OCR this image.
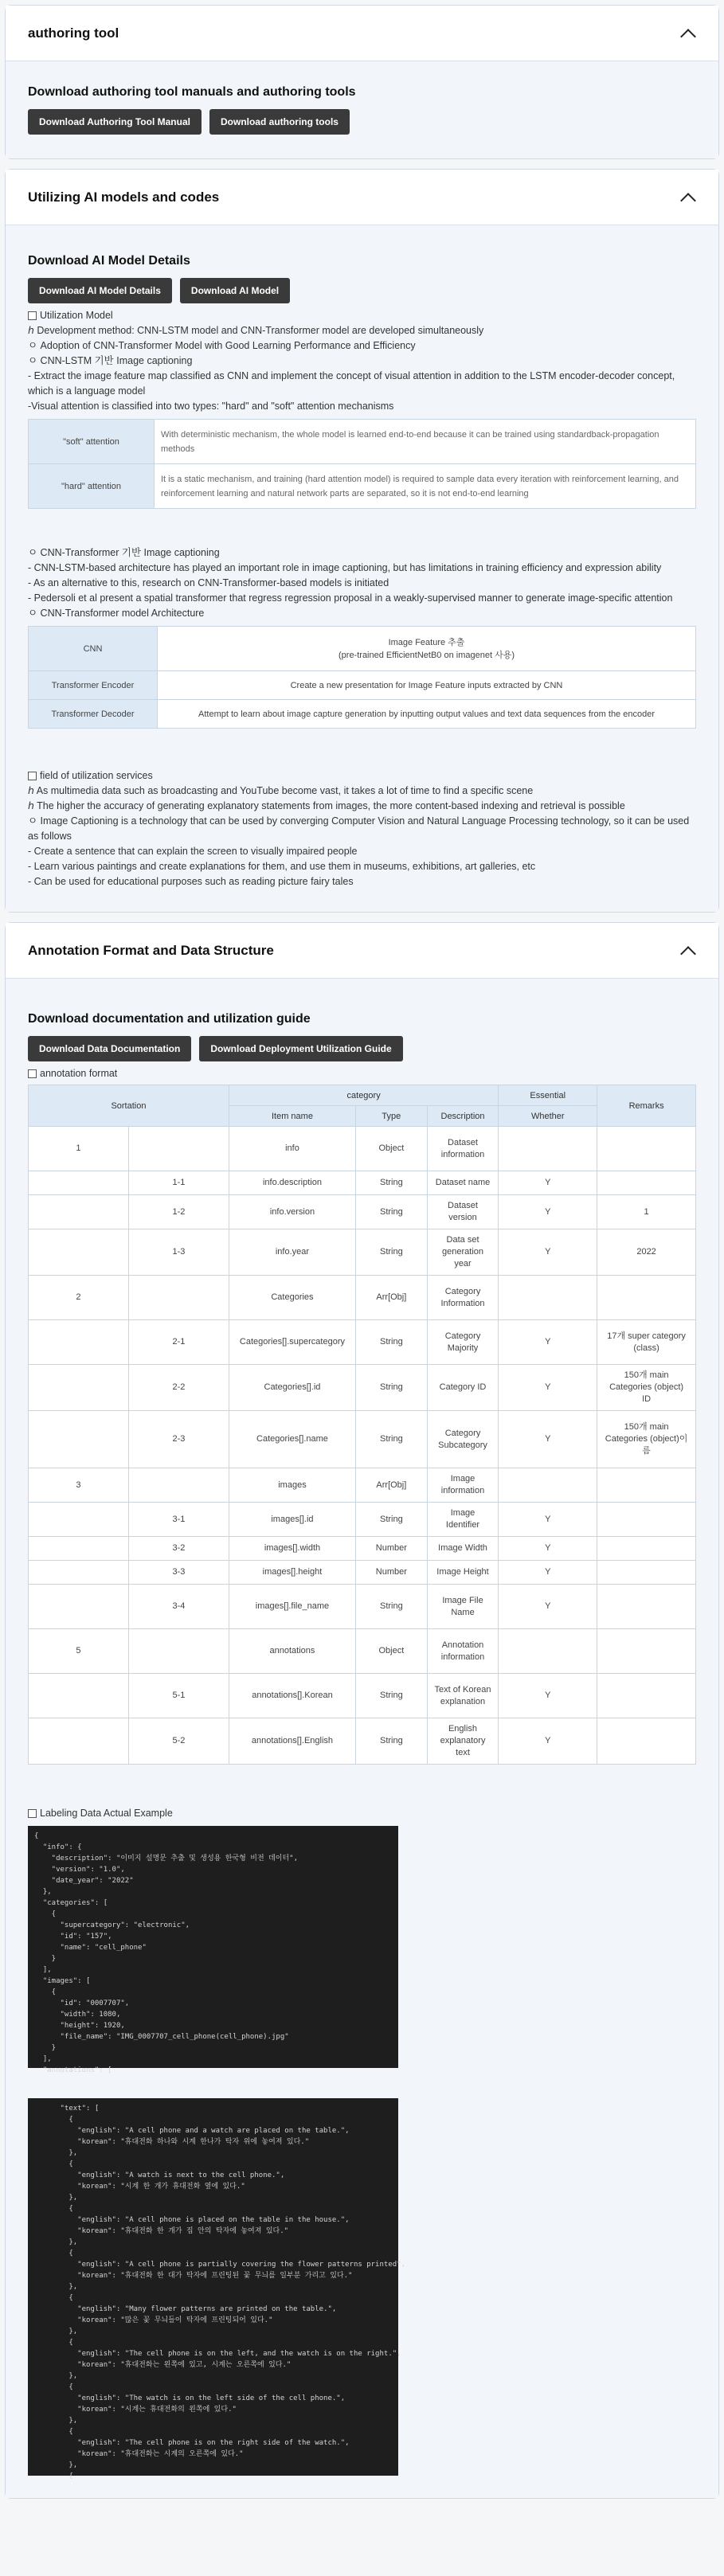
authoring tool
Download authoring tool manuals and authoring tools
Download Authoring Tool Manual	Download authoring tools
Utilizing AI models and codes
Download AI Model Details
Download AI Model Details	Download AI Model
Utilization Model
ℎ Development method: CNN-LSTM model and CNN-Transformer model are developed simultaneously
ㅇ Adoption of CNN-Transformer Model with Good Learning Performance and Efficiency
ㅇ CNN-LSTM 기반 Image captioning
- Extract the image feature map classified as CNN and implement the concept of visual attention in addition to the LSTM encoder-decoder concept, which is a language model
-Visual attention is classified into two types: "hard" and "soft" attention mechanisms
"soft" attention	With deterministic mechanism, the whole model is learned end-to-end because it can be trained using standardback-propagation methods
"hard" attention	It is a static mechanism, and training (hard attention model) is required to sample data every iteration with reinforcement learning, and reinforcement learning and natural network parts are separated, so it is not end-to-end learning
ㅇ CNN-Transformer 기반 Image captioning
- CNN-LSTM-based architecture has played an important role in image captioning, but has limitations in training efficiency and expression ability
- As an alternative to this, research on CNN-Transformer-based models is initiated
- Pedersoli et al present a spatial transformer that regress regression proposal in a weakly-supervised manner to generate image-specific attention
ㅇ CNN-Transformer model Architecture
CNN	Image Feature 추출
(pre-trained EfficientNetB0 on imagenet 사용)

Transformer Encoder	Create a new presentation for Image Feature inputs extracted by CNN
Transformer Decoder	Attempt to learn about image capture generation by inputting output values and text data sequences from the encoder
field of utilization services
ℎ As multimedia data such as broadcasting and YouTube become vast, it takes a lot of time to find a specific scene
ℎ The higher the accuracy of generating explanatory statements from images, the more content-based indexing and retrieval is possible
ㅇ Image Captioning is a technology that can be used by converging Computer Vision and Natural Language Processing technology, so it can be used as follows
- Create a sentence that can explain the screen to visually impaired people
- Learn various paintings and create explanations for them, and use them in museums, exhibitions, art galleries, etc
- Can be used for educational purposes such as reading picture fairy tales
Annotation Format and Data Structure
Download documentation and utilization guide
Download Data Documentation	Download Deployment Utilization Guide
annotation format
Sortation		category			Essential	Remarks
		Item name	Type	Description	Whether	
1		info	Object	Dataset information		
	1-1	info.description	String	Dataset name	Y	
	1-2	info.version	String	Dataset version	Y	1
	1-3	info.year	String	Data set generation year	Y	2022
2		Categories	Arr[Obj]	Category Information		
	2-1	Categories[].supercategory	String	Category Majority	Y	17개 super category (class)
	2-2	Categories[].id	String	Category ID	Y	150개 main Categories (object) ID
	2-3	Categories[].name	String	Category Subcategory	Y	150개 main Categories (object)이름
3		images	Arr[Obj]	Image information		
	3-1	images[].id	String	Image Identifier	Y	
	3-2	images[].width	Number	Image Width	Y	
	3-3	images[].height	Number	Image Height	Y	
	3-4	images[].file_name	String	Image File Name	Y	
5		annotations	Object	Annotation information		
	5-1	annotations[].Korean	String	Text of Korean explanation	Y	
	5-2	annotations[].English	String	English explanatory text	Y	
Labeling Data Actual Example
{
"info": {
"description": "이미지 설명문 추출 및 생성용 한국형 비전 데이터",
"version": "1.0",
"date_year": "2022"
},
"categories": [
{
"supercategory": "electronic",
"id": "157",
"name": "cell_phone"
}
],
"images": [
{
"id": "0007707",
"width": 1080,
"height": 1920,
"file_name": "IMG_0007707_cell_phone(cell_phone).jpg"
}
],
"annotations": [
"text": [
{
"english": "A cell phone and a watch are placed on the table.",
"korean": "휴대전화 하나와 시계 한나가 탁자 위에 놓여져 있다."
},
{
"english": "A watch is next to the cell phone.",
"korean": "시계 한 개가 휴대전화 옆에 있다."
},
{
"english": "A cell phone is placed on the table in the house.",
"korean": "휴대전화 한 개가 집 안의 탁자에 놓여져 있다."
},
{
"english": "A cell phone is partially covering the flower patterns printed",
"korean": "휴대전화 한 대가 탁자에 프린팅된 꽃 무늬를 일부분 가리고 있다."
},
{
"english": "Many flower patterns are printed on the table.",
"korean": "많은 꽃 무늬들이 탁자에 프린팅되어 있다."
},
{
"english": "The cell phone is on the left, and the watch is on the right.",
"korean": "휴대전화는 왼쪽에 있고, 시계는 오른쪽에 있다."
},
{
"english": "The watch is on the left side of the cell phone.",
"korean": "시계는 휴대전화의 왼쪽에 있다."
},
{
"english": "The cell phone is on the right side of the watch.",
"korean": "휴대전화는 시계의 오른쪽에 있다."
},
{
